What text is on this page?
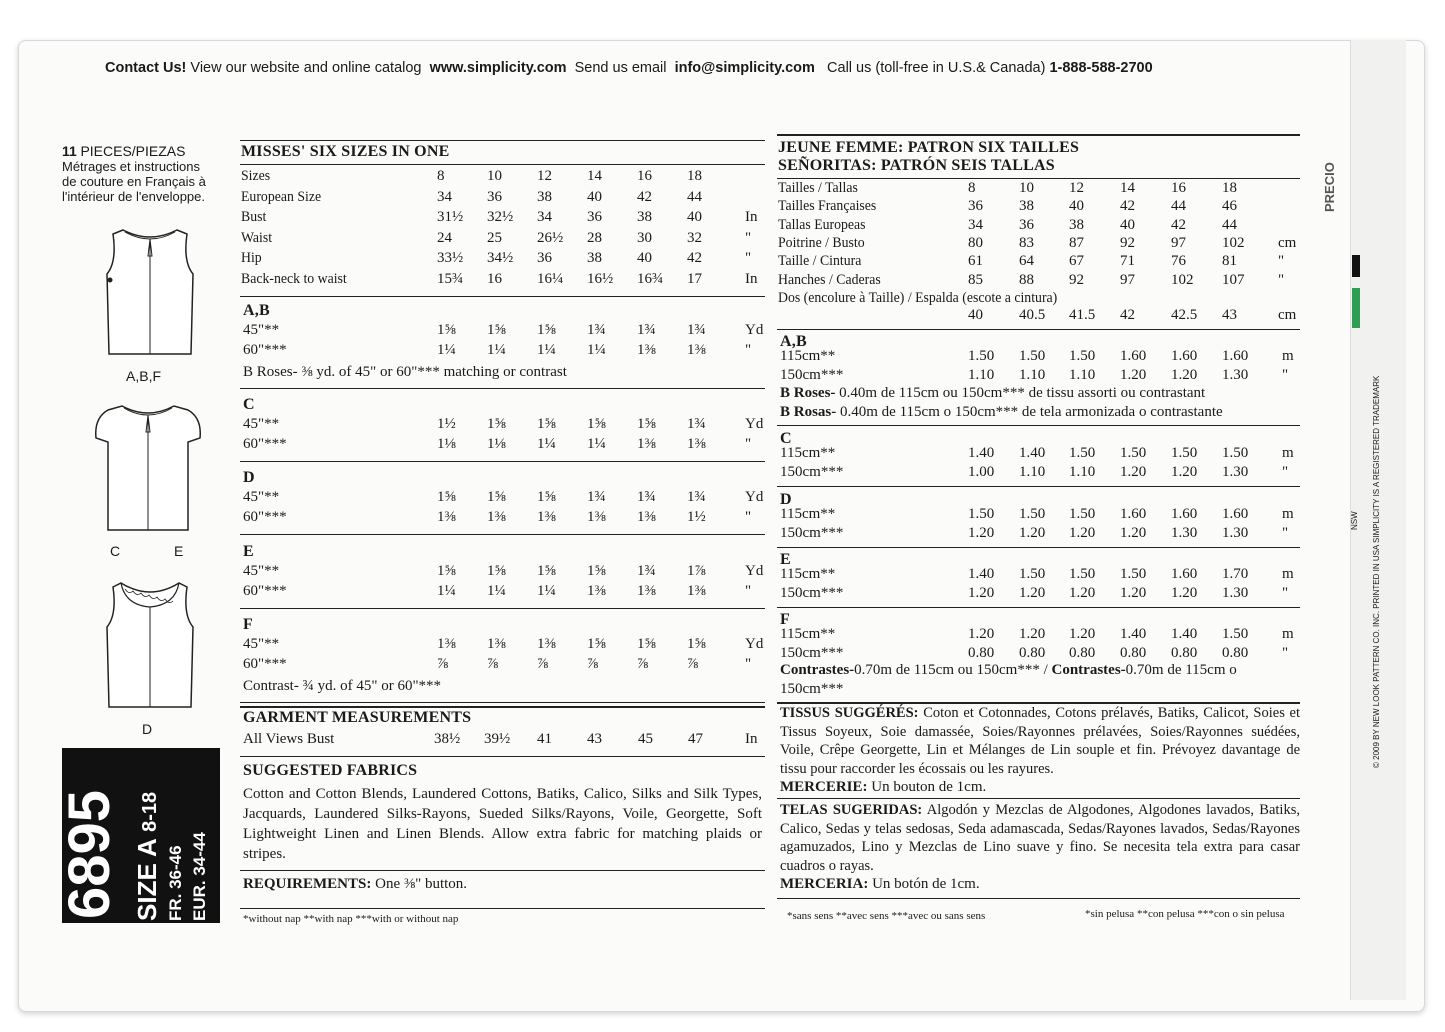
Contact Us! View our website and online catalog www.simplicity.com Send us email info@simplicity.com Call us (toll-free in U.S.& Canada) 1-888-588-2700
11 PIECES/PIEZAS
Métrages et instructions
de couture en Français à
l'intérieur de l'enveloppe.
A,B,F
C	E
D
6895 SIZE A 8-18
FR. 36-46 EUR. 34-44
MISSES' SIX SIZES IN ONE
Sizes	8	10 12 14 16 18
European Size	34 36 38 40 42 44
Bust	31½ 32½ 34 36 38 40	In
Waist	24 25 26½ 28 30 32	"
Hip	33½ 34½ 36 38 40 42	"
Back-neck to waist	15¾ 16 16¼ 16½ 16¾ 17	In
A,B
45"**	1⅝ 1⅝ 1⅝ 1¾ 1¾ 1¾	Yd
60"***	1¼ 1¼ 1¼ 1¼ 1⅜ 1⅜	"
B Roses- ⅜ yd. of 45" or 60"*** matching or contrast
C
45"**	1½ 1⅝ 1⅝ 1⅝ 1⅝ 1¾	Yd
60"***	1⅛ 1⅛ 1¼ 1¼ 1⅜ 1⅜	"
D
45"**	1⅝ 1⅝ 1⅝ 1¾ 1¾ 1¾	Yd
60"***	1⅜ 1⅜ 1⅜ 1⅜ 1⅜ 1½	"
E
45"**	1⅝ 1⅝ 1⅝ 1⅝ 1¾ 1⅞	Yd
60"***	1¼ 1¼ 1¼ 1⅜ 1⅜ 1⅜	"
F
45"**	1⅜ 1⅜ 1⅜ 1⅝ 1⅝ 1⅝	Yd
60"***	⅞	⅞	⅞	⅞	⅞	⅞	"
Contrast- ¾ yd. of 45" or 60"***
GARMENT MEASUREMENTS
All Views Bust	38½ 39½ 41 43 45 47	In
SUGGESTED FABRICS
Cotton and Cotton Blends, Laundered Cottons, Batiks, Calico, Silks and Silk Types, Jacquards, Laundered Silks-Rayons, Sueded Silks/Rayons, Voile, Georgette, Soft Lightweight Linen and Linen Blends. Allow extra fabric for matching plaids or stripes.
REQUIREMENTS: One ⅜" button.
*without nap **with nap ***with or without nap
JEUNE FEMME: PATRON SIX TAILLES
SEÑORITAS: PATRÓN SEIS TALLAS
Tailles / Tallas	8	10 12 14 16 18
Tailles Françaises	36 38 40 42 44 46
Tallas Europeas	34 36 38 40 42 44
Poitrine / Busto	80 83 87 92 97 102 cm
Taille / Cintura	61 64 67 71 76 81	"
Hanches / Caderas	85 88 92 97 102 107 "
Dos (encolure à Taille) / Espalda (escote a cintura)
40 40.5 41.5 42 42.5 43	cm
A,B
115cm**	1.50 1.50 1.50 1.60 1.60 1.60 m
150cm***	1.10 1.10 1.10 1.20 1.20 1.30 "
B Roses- 0.40m de 115cm ou 150cm*** de tissu assorti ou contrastant
B Rosas- 0.40m de 115cm o 150cm*** de tela armonizada o contrastante
C
115cm**	1.40 1.40 1.50 1.50 1.50 1.50 m
150cm***	1.00 1.10 1.10 1.20 1.20 1.30 "
D
115cm**	1.50 1.50 1.50 1.60 1.60 1.60 m
150cm***	1.20 1.20 1.20 1.20 1.30 1.30 "
E
115cm**	1.40 1.50 1.50 1.50 1.60 1.70 m
150cm***	1.20 1.20 1.20 1.20 1.20 1.30 "
F
115cm**	1.20 1.20 1.20 1.40 1.40 1.50 m
150cm***	0.80 0.80 0.80 0.80 0.80 0.80 "
Contrastes-0.70m de 115cm ou 150cm*** / Contrastes-0.70m de 115cm o
150cm***
TISSUS SUGGÉRÉS: Coton et Cotonnades, Cotons prélavés, Batiks, Calicot, Soies et Tissus Soyeux, Soie damassée, Soies/Rayonnes prélavées, Soies/Rayonnes suédées, Voile, Crêpe Georgette, Lin et Mélanges de Lin souple et fin. Prévoyez davantage de tissu pour raccorder les écossais ou les rayures.
MERCERIE: Un bouton de 1cm.
TELAS SUGERIDAS: Algodón y Mezclas de Algodones, Algodones lavados, Batiks, Calico, Sedas y telas sedosas, Seda adamascada, Sedas/Rayones lavados, Sedas/Rayones agamuzados, Lino y Mezclas de Lino suave y fino. Se necesita tela extra para casar cuadros o rayas.
MERCERIA: Un botón de 1cm.
*sans sens **avec sens ***avec ou sans sens	*sin pelusa **con pelusa ***con o sin pelusa
PRECIO
© 2009 BY NEW LOOK PATTERN CO. INC. PRINTED IN USA SIMPLICITY IS A REGISTERED TRADEMARK
NSW
